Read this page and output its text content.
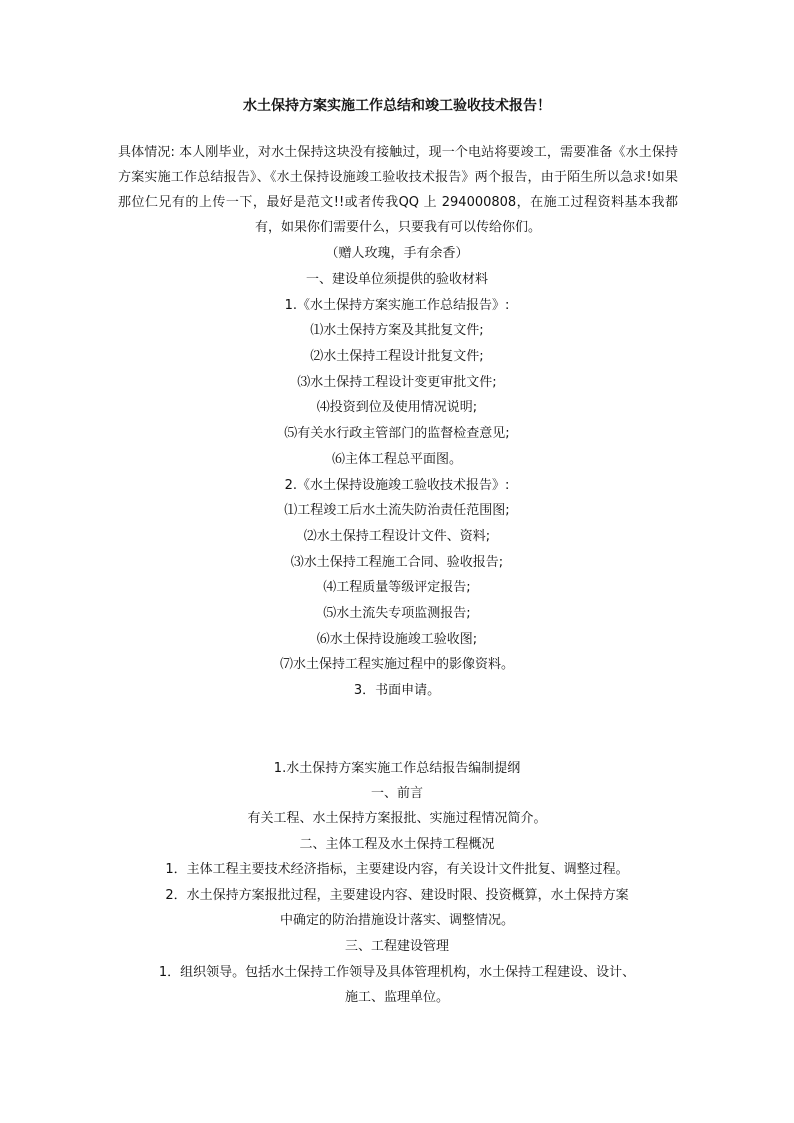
水土保持方案实施工作总结和竣工验收技术报告！
具体情况: 本人刚毕业，对水土保持这块没有接触过，现一个电站将要竣工，需要准备《水土保持方案实施工作总结报告》、《水土保持设施竣工验收技术报告》两个报告，由于陌生所以急求!如果那位仁兄有的上传一下，最好是范文!!或者传我QQ 上 294000808，在施工过程资料基本我都有，如果你们需要什么，只要我有可以传给你们。
（赠人玫瑰，手有余香）
一、建设单位须提供的验收材料
1.《水土保持方案实施工作总结报告》:
⑴水土保持方案及其批复文件;
⑵水土保持工程设计批复文件;
⑶水土保持工程设计变更审批文件;
⑷投资到位及使用情况说明;
⑸有关水行政主管部门的监督检查意见;
⑹主体工程总平面图。
2.《水土保持设施竣工验收技术报告》:
⑴工程竣工后水土流失防治责任范围图;
⑵水土保持工程设计文件、资料;
⑶水土保持工程施工合同、验收报告;
⑷工程质量等级评定报告;
⑸水土流失专项监测报告;
⑹水土保持设施竣工验收图;
⑺水土保持工程实施过程中的影像资料。
3．书面申请。
1.水土保持方案实施工作总结报告编制提纲
一、前言
有关工程、水土保持方案报批、实施过程情况简介。
二、主体工程及水土保持工程概况
1．主体工程主要技术经济指标，主要建设内容，有关设计文件批复、调整过程。
2．水土保持方案报批过程，主要建设内容、建设时限、投资概算，水土保持方案
中确定的防治措施设计落实、调整情况。
三、工程建设管理
1．组织领导。包括水土保持工作领导及具体管理机构，水土保持工程建设、设计、
施工、监理单位。
